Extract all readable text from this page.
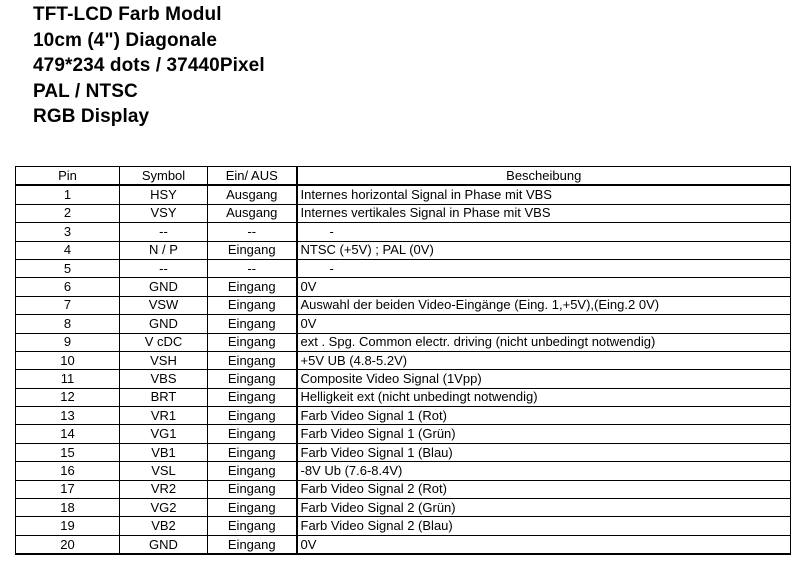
TFT-LCD Farb Modul
10cm (4") Diagonale
479*234 dots / 37440Pixel
PAL / NTSC
RGB Display
Pin	Symbol	Ein/ AUS	Bescheibung
1	HSY	Ausgang	Internes horizontal Signal in Phase mit VBS
2	VSY	Ausgang	Internes vertikales Signal in Phase mit VBS
3	--	--	-
4	N / P	Eingang	NTSC (+5V) ; PAL (0V)
5	--	--	-
6	GND	Eingang	0V
7	VSW	Eingang	Auswahl der beiden Video-Eingänge (Eing. 1,+5V),(Eing.2 0V)
8	GND	Eingang	0V
9	V cDC	Eingang	ext . Spg. Common electr. driving (nicht unbedingt notwendig)
10	VSH	Eingang	+5V UB (4.8-5.2V)
11	VBS	Eingang	Composite Video Signal (1Vpp)
12	BRT	Eingang	Helligkeit ext (nicht unbedingt notwendig)
13	VR1	Eingang	Farb Video Signal 1 (Rot)
14	VG1	Eingang	Farb Video Signal 1 (Grün)
15	VB1	Eingang	Farb Video Signal 1 (Blau)
16	VSL	Eingang	-8V Ub (7.6-8.4V)
17	VR2	Eingang	Farb Video Signal 2 (Rot)
18	VG2	Eingang	Farb Video Signal 2 (Grün)
19	VB2	Eingang	Farb Video Signal 2 (Blau)
20	GND	Eingang	0V
